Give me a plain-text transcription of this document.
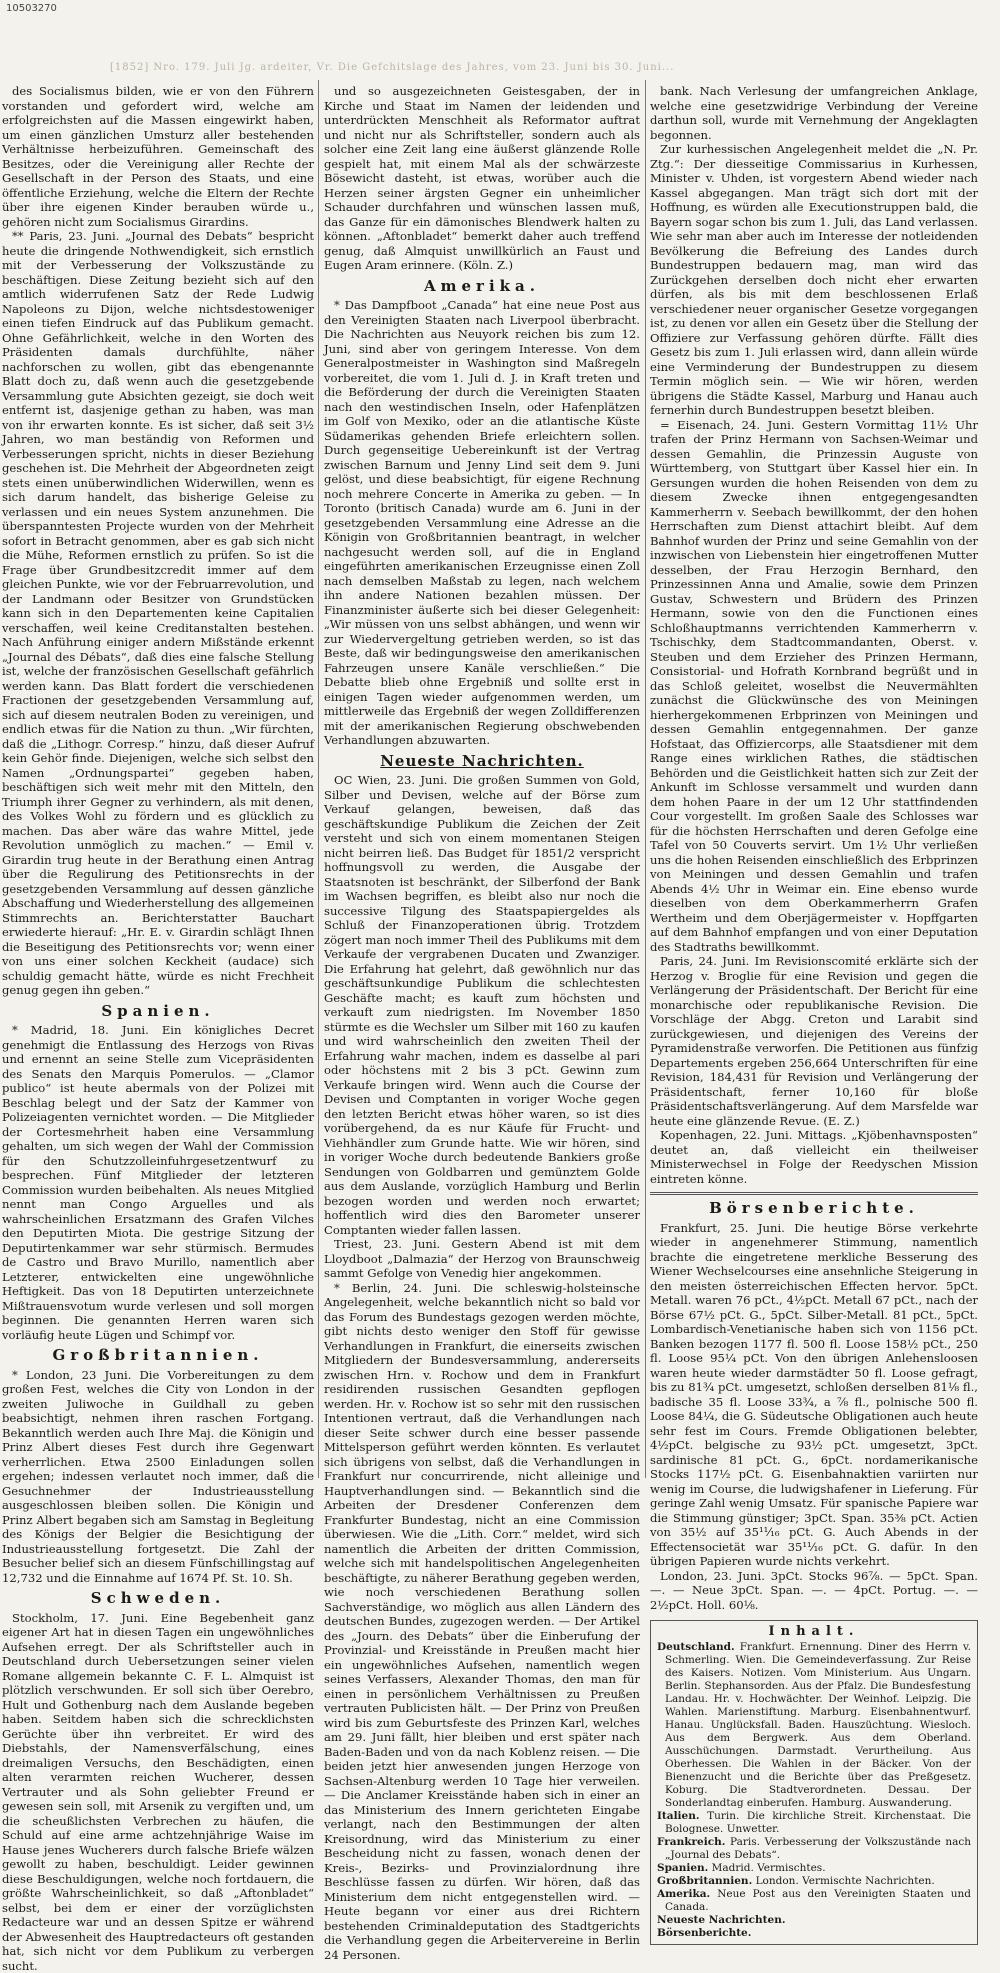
10503270
[1852] Nro. 179. Juli Jg. ardeiter, Vr. Die Gefchitslage des Jahres, vom 23. Juni bis 30. Juni...

des Socialismus bilden, wie er von den Führern vorstanden und gefordert wird, welche am erfolgreichsten auf die Massen eingewirkt haben, um einen gänzlichen Umsturz aller bestehenden Verhältnisse herbeizuführen. Gemeinschaft des Besitzes, oder die Vereinigung aller Rechte der Gesellschaft in der Person des Staats, und eine öffentliche Erziehung, welche die Eltern der Rechte über ihre eigenen Kinder berauben würde u., gehören nicht zum Socialismus Girardins.

** Paris, 23. Juni. „Journal des Debats“ bespricht heute die dringende Nothwendigkeit, sich ernstlich mit der Verbesserung der Volkszustände zu beschäftigen. Diese Zeitung bezieht sich auf den amtlich widerrufenen Satz der Rede Ludwig Napoleons zu Dijon, welche nichtsdestoweniger einen tiefen Eindruck auf das Publikum gemacht. Ohne Gefährlichkeit, welche in den Worten des Präsidenten damals durchfühlte, näher nachforschen zu wollen, gibt das ebengenannte Blatt doch zu, daß wenn auch die gesetzgebende Versammlung gute Absichten gezeigt, sie doch weit entfernt ist, dasjenige gethan zu haben, was man von ihr erwarten konnte. Es ist sicher, daß seit 3½ Jahren, wo man beständig von Reformen und Verbesserungen spricht, nichts in dieser Beziehung geschehen ist. Die Mehrheit der Abgeordneten zeigt stets einen unüberwindlichen Widerwillen, wenn es sich darum handelt, das bisherige Geleise zu verlassen und ein neues System anzunehmen. Die überspanntesten Projecte wurden von der Mehrheit sofort in Betracht genommen, aber es gab sich nicht die Mühe, Reformen ernstlich zu prüfen. So ist die Frage über Grundbesitzcredit immer auf dem gleichen Punkte, wie vor der Februarrevolution, und der Landmann oder Besitzer von Grundstücken kann sich in den Departementen keine Capitalien verschaffen, weil keine Creditanstalten bestehen. Nach Anführung einiger andern Mißstände erkennt „Journal des Débats“, daß dies eine falsche Stellung ist, welche der französischen Gesellschaft gefährlich werden kann. Das Blatt fordert die verschiedenen Fractionen der gesetzgebenden Versammlung auf, sich auf diesem neutralen Boden zu vereinigen, und endlich etwas für die Nation zu thun. „Wir fürchten, daß die „Lithogr. Corresp.“ hinzu, daß dieser Aufruf kein Gehör finde. Diejenigen, welche sich selbst den Namen „Ordnungspartei“ gegeben haben, beschäftigen sich weit mehr mit den Mitteln, den Triumph ihrer Gegner zu verhindern, als mit denen, des Volkes Wohl zu fördern und es glücklich zu machen. Das aber wäre das wahre Mittel, jede Revolution unmöglich zu machen.“ — Emil v. Girardin trug heute in der Berathung einen Antrag über die Regulirung des Petitionsrechts in der gesetzgebenden Versammlung auf dessen gänzliche Abschaffung und Wiederherstellung des allgemeinen Stimmrechts an. Berichterstatter Bauchart erwiederte hierauf: „Hr. E. v. Girardin schlägt Ihnen die Beseitigung des Petitionsrechts vor; wenn einer von uns einer solchen Keckheit (audace) sich schuldig gemacht hätte, würde es nicht Frechheit genug gegen ihn geben.“

Spanien.

* Madrid, 18. Juni. Ein königliches Decret genehmigt die Entlassung des Herzogs von Rivas und ernennt an seine Stelle zum Vicepräsidenten des Senats den Marquis Pomerulos. — „Clamor publico“ ist heute abermals von der Polizei mit Beschlag belegt und der Satz der Kammer von Polizeiagenten vernichtet worden. — Die Mitglieder der Cortesmehrheit haben eine Versammlung gehalten, um sich wegen der Wahl der Commission für den Schutzzolleinfuhrgesetzentwurf zu besprechen. Fünf Mitglieder der letzteren Commission wurden beibehalten. Als neues Mitglied nennt man Congo Arguelles und als wahrscheinlichen Ersatzmann des Grafen Vilches den Deputirten Miota. Die gestrige Sitzung der Deputirtenkammer war sehr stürmisch. Bermudes de Castro und Bravo Murillo, namentlich aber Letzterer, entwickelten eine ungewöhnliche Heftigkeit. Das von 18 Deputirten unterzeichnete Mißtrauensvotum wurde verlesen und soll morgen beginnen. Die genannten Herren waren sich vorläufig heute Lügen und Schimpf vor.

Großbritannien.

* London, 23 Juni. Die Vorbereitungen zu dem großen Fest, welches die City von London in der zweiten Juliwoche in Guildhall zu geben beabsichtigt, nehmen ihren raschen Fortgang. Bekanntlich werden auch Ihre Maj. die Königin und Prinz Albert dieses Fest durch ihre Gegenwart verherrlichen. Etwa 2500 Einladungen sollen ergehen; indessen verlautet noch immer, daß die Gesuchnehmer der Industrieausstellung ausgeschlossen bleiben sollen. Die Königin und Prinz Albert begaben sich am Samstag in Begleitung des Königs der Belgier die Besichtigung der Industrieausstellung fortgesetzt. Die Zahl der Besucher belief sich an diesem Fünfschillingstag auf 12,732 und die Einnahme auf 1674 Pf. St. 10. Sh.

Schweden.

Stockholm, 17. Juni. Eine Begebenheit ganz eigener Art hat in diesen Tagen ein ungewöhnliches Aufsehen erregt. Der als Schriftsteller auch in Deutschland durch Uebersetzungen seiner vielen Romane allgemein bekannte C. F. L. Almquist ist plötzlich verschwunden. Er soll sich über Oerebro, Hult und Gothenburg nach dem Auslande begeben haben. Seitdem haben sich die schrecklichsten Gerüchte über ihn verbreitet. Er wird des Diebstahls, der Namensverfälschung, eines dreimaligen Versuchs, den Beschädigten, einen alten verarmten reichen Wucherer, dessen Vertrauter und als Sohn geliebter Freund er gewesen sein soll, mit Arsenik zu vergiften und, um die scheußlichsten Verbrechen zu häufen, die Schuld auf eine arme achtzehnjährige Waise im Hause jenes Wucherers durch falsche Briefe wälzen gewollt zu haben, beschuldigt. Leider gewinnen diese Beschuldigungen, welche noch fortdauern, die größte Wahrscheinlichkeit, so daß „Aftonbladet“ selbst, bei dem er einer der vorzüglichsten Redacteure war und an dessen Spitze er während der Abwesenheit des Hauptredacteurs oft gestanden hat, sich nicht vor dem Publikum zu verbergen sucht.

und so ausgezeichneten Geistesgaben, der in Kirche und Staat im Namen der leidenden und unterdrückten Menschheit als Reformator auftrat und nicht nur als Schriftsteller, sondern auch als solcher eine Zeit lang eine äußerst glänzende Rolle gespielt hat, mit einem Mal als der schwärzeste Bösewicht dasteht, ist etwas, worüber auch die Herzen seiner ärgsten Gegner ein unheimlicher Schauder durchfahren und wünschen lassen muß, das Ganze für ein dämonisches Blendwerk halten zu können. „Aftonbladet“ bemerkt daher auch treffend genug, daß Almquist unwillkürlich an Faust und Eugen Aram erinnere. (Köln. Z.)

Amerika.

* Das Dampfboot „Canada“ hat eine neue Post aus den Vereinigten Staaten nach Liverpool überbracht. Die Nachrichten aus Neuyork reichen bis zum 12. Juni, sind aber von geringem Interesse. Von dem Generalpostmeister in Washington sind Maßregeln vorbereitet, die vom 1. Juli d. J. in Kraft treten und die Beförderung der durch die Vereinigten Staaten nach den westindischen Inseln, oder Hafenplätzen im Golf von Mexiko, oder an die atlantische Küste Südamerikas gehenden Briefe erleichtern sollen. Durch gegenseitige Uebereinkunft ist der Vertrag zwischen Barnum und Jenny Lind seit dem 9. Juni gelöst, und diese beabsichtigt, für eigene Rechnung noch mehrere Concerte in Amerika zu geben. — In Toronto (britisch Canada) wurde am 6. Juni in der gesetzgebenden Versammlung eine Adresse an die Königin von Großbritannien beantragt, in welcher nachgesucht werden soll, auf die in England eingeführten amerikanischen Erzeugnisse einen Zoll nach demselben Maßstab zu legen, nach welchem ihn andere Nationen bezahlen müssen. Der Finanzminister äußerte sich bei dieser Gelegenheit: „Wir müssen von uns selbst abhängen, und wenn wir zur Wiedervergeltung getrieben werden, so ist das Beste, daß wir bedingungsweise den amerikanischen Fahrzeugen unsere Kanäle verschließen.“ Die Debatte blieb ohne Ergebniß und sollte erst in einigen Tagen wieder aufgenommen werden, um mittlerweile das Ergebniß der wegen Zolldifferenzen mit der amerikanischen Regierung obschwebenden Verhandlungen abzuwarten.

Neueste Nachrichten.

OC Wien, 23. Juni. Die großen Summen von Gold, Silber und Devisen, welche auf der Börse zum Verkauf gelangen, beweisen, daß das geschäftskundige Publikum die Zeichen der Zeit versteht und sich von einem momentanen Steigen nicht beirren ließ. Das Budget für 1851/2 verspricht hoffnungsvoll zu werden, die Ausgabe der Staatsnoten ist beschränkt, der Silberfond der Bank im Wachsen begriffen, es bleibt also nur noch die successive Tilgung des Staatspapiergeldes als Schluß der Finanzoperationen übrig. Trotzdem zögert man noch immer Theil des Publikums mit dem Verkaufe der vergrabenen Ducaten und Zwanziger. Die Erfahrung hat gelehrt, daß gewöhnlich nur das geschäftsunkundige Publikum die schlechtesten Geschäfte macht; es kauft zum höchsten und verkauft zum niedrigsten. Im November 1850 stürmte es die Wechsler um Silber mit 160 zu kaufen und wird wahrscheinlich den zweiten Theil der Erfahrung wahr machen, indem es dasselbe al pari oder höchstens mit 2 bis 3 pCt. Gewinn zum Verkaufe bringen wird. Wenn auch die Course der Devisen und Comptanten in voriger Woche gegen den letzten Bericht etwas höher waren, so ist dies vorübergehend, da es nur Käufe für Frucht- und Viehhändler zum Grunde hatte. Wie wir hören, sind in voriger Woche durch bedeutende Bankiers große Sendungen von Goldbarren und gemünztem Golde aus dem Auslande, vorzüglich Hamburg und Berlin bezogen worden und werden noch erwartet; hoffentlich wird dies den Barometer unserer Comptanten wieder fallen lassen.

Triest, 23. Juni. Gestern Abend ist mit dem Lloydboot „Dalmazia“ der Herzog von Braunschweig sammt Gefolge von Venedig hier angekommen.

* Berlin, 24. Juni. Die schleswig-holsteinsche Angelegenheit, welche bekanntlich nicht so bald vor das Forum des Bundestags gezogen werden möchte, gibt nichts desto weniger den Stoff für gewisse Verhandlungen in Frankfurt, die einerseits zwischen Mitgliedern der Bundesversammlung, andererseits zwischen Hrn. v. Rochow und dem in Frankfurt residirenden russischen Gesandten gepflogen werden. Hr. v. Rochow ist so sehr mit den russischen Intentionen vertraut, daß die Verhandlungen nach dieser Seite schwer durch eine besser passende Mittelsperson geführt werden könnten. Es verlautet sich übrigens von selbst, daß die Verhandlungen in Frankfurt nur concurrirende, nicht alleinige und Hauptverhandlungen sind. — Bekanntlich sind die Arbeiten der Dresdener Conferenzen dem Frankfurter Bundestag, nicht an eine Commission überwiesen. Wie die „Lith. Corr.“ meldet, wird sich namentlich die Arbeiten der dritten Commission, welche sich mit handelspolitischen Angelegenheiten beschäftigte, zu näherer Berathung gegeben werden, wie noch verschiedenen Berathung sollen Sachverständige, wo möglich aus allen Ländern des deutschen Bundes, zugezogen werden. — Der Artikel des „Journ. des Debats“ über die Einberufung der Provinzial- und Kreisstände in Preußen macht hier ein ungewöhnliches Aufsehen, namentlich wegen seines Verfassers, Alexander Thomas, den man für einen in persönlichem Verhältnissen zu Preußen vertrauten Publicisten hält. — Der Prinz von Preußen wird bis zum Geburtsfeste des Prinzen Karl, welches am 29. Juni fällt, hier bleiben und erst später nach Baden-Baden und von da nach Koblenz reisen. — Die beiden jetzt hier anwesenden jungen Herzoge von Sachsen-Altenburg werden 10 Tage hier verweilen. — Die Anclamer Kreisstände haben sich in einer an das Ministerium des Innern gerichteten Eingabe verlangt, nach den Bestimmungen der alten Kreisordnung, wird das Ministerium zu einer Bescheidung nicht zu fassen, wonach denen der Kreis-, Bezirks- und Provinzialordnung ihre Beschlüsse fassen zu dürfen. Wir hören, daß das Ministerium dem nicht entgegenstellen wird. — Heute begann vor einer aus drei Richtern bestehenden Criminaldeputation des Stadtgerichts die Verhandlung gegen die Arbeitervereine in Berlin 24 Personen.

bank. Nach Verlesung der umfangreichen Anklage, welche eine gesetzwidrige Verbindung der Vereine darthun soll, wurde mit Vernehmung der Angeklagten begonnen.

Zur kurhessischen Angelegenheit meldet die „N. Pr. Ztg.“: Der diesseitige Commissarius in Kurhessen, Minister v. Uhden, ist vorgestern Abend wieder nach Kassel abgegangen. Man trägt sich dort mit der Hoffnung, es würden alle Executionstruppen bald, die Bayern sogar schon bis zum 1. Juli, das Land verlassen. Wie sehr man aber auch im Interesse der notleidenden Bevölkerung die Befreiung des Landes durch Bundestruppen bedauern mag, man wird das Zurückgehen derselben doch nicht eher erwarten dürfen, als bis mit dem beschlossenen Erlaß verschiedener neuer organischer Gesetze vorgegangen ist, zu denen vor allen ein Gesetz über die Stellung der Offiziere zur Verfassung gehören dürfte. Fällt dies Gesetz bis zum 1. Juli erlassen wird, dann allein würde eine Verminderung der Bundestruppen zu diesem Termin möglich sein. — Wie wir hören, werden übrigens die Städte Kassel, Marburg und Hanau auch fernerhin durch Bundestruppen besetzt bleiben.

= Eisenach, 24. Juni. Gestern Vormittag 11½ Uhr trafen der Prinz Hermann von Sachsen-Weimar und dessen Gemahlin, die Prinzessin Auguste von Württemberg, von Stuttgart über Kassel hier ein. In Gersungen wurden die hohen Reisenden von dem zu diesem Zwecke ihnen entgegengesandten Kammerherrn v. Seebach bewillkommt, der den hohen Herrschaften zum Dienst attachirt bleibt. Auf dem Bahnhof wurden der Prinz und seine Gemahlin von der inzwischen von Liebenstein hier eingetroffenen Mutter desselben, der Frau Herzogin Bernhard, den Prinzessinnen Anna und Amalie, sowie dem Prinzen Gustav, Schwestern und Brüdern des Prinzen Hermann, sowie von den die Functionen eines Schloßhauptmanns verrichtenden Kammerherrn v. Tschischky, dem Stadtcommandanten, Oberst. v. Steuben und dem Erzieher des Prinzen Hermann, Consistorial- und Hofrath Kornbrand begrüßt und in das Schloß geleitet, woselbst die Neuvermählten zunächst die Glückwünsche des von Meiningen hierhergekommenen Erbprinzen von Meiningen und dessen Gemahlin entgegennahmen. Der ganze Hofstaat, das Offiziercorps, alle Staatsdiener mit dem Range eines wirklichen Rathes, die städtischen Behörden und die Geistlichkeit hatten sich zur Zeit der Ankunft im Schlosse versammelt und wurden dann dem hohen Paare in der um 12 Uhr stattfindenden Cour vorgestellt. Im großen Saale des Schlosses war für die höchsten Herrschaften und deren Gefolge eine Tafel von 50 Couverts servirt. Um 1½ Uhr verließen uns die hohen Reisenden einschließlich des Erbprinzen von Meiningen und dessen Gemahlin und trafen Abends 4½ Uhr in Weimar ein. Eine ebenso wurde dieselben von dem Oberkammerherrn Grafen Wertheim und dem Oberjägermeister v. Hopffgarten auf dem Bahnhof empfangen und von einer Deputation des Stadtraths bewillkommt.

Paris, 24. Juni. Im Revisionscomité erklärte sich der Herzog v. Broglie für eine Revision und gegen die Verlängerung der Präsidentschaft. Der Bericht für eine monarchische oder republikanische Revision. Die Vorschläge der Abgg. Creton und Larabit sind zurückgewiesen, und diejenigen des Vereins der Pyramidenstraße verworfen. Die Petitionen aus fünfzig Departements ergeben 256,664 Unterschriften für eine Revision, 184,431 für Revision und Verlängerung der Präsidentschaft, ferner 10,160 für bloße Präsidentschaftsverlängerung. Auf dem Marsfelde war heute eine glänzende Revue. (E. Z.)

Kopenhagen, 22. Juni. Mittags. „Kjöbenhavnsposten“ deutet an, daß vielleicht ein theilweiser Ministerwechsel in Folge der Reedyschen Mission eintreten könne.

Börsenberichte.

Frankfurt, 25. Juni. Die heutige Börse verkehrte wieder in angenehmerer Stimmung, namentlich brachte die eingetretene merkliche Besserung des Wiener Wechselcourses eine ansehnliche Steigerung in den meisten österreichischen Effecten hervor. 5pCt. Metall. waren 76 pCt., 4½pCt. Metall 67 pCt., nach der Börse 67½ pCt. G., 5pCt. Silber-Metall. 81 pCt., 5pCt. Lombardisch-Venetianische haben sich von 1156 pCt. Banken bezogen 1177 fl. 500 fl. Loose 158½ pCt., 250 fl. Loose 95¼ pCt. Von den übrigen Anlehensloosen waren heute wieder darmstädter 50 fl. Loose gefragt, bis zu 81¾ pCt. umgesetzt, schloßen derselben 81⅛ fl., badische 35 fl. Loose 33¾, a ⅞ fl., polnische 500 fl. Loose 84¼, die G. Südeutsche Obligationen auch heute sehr fest im Cours. Fremde Obligationen belebter, 4½pCt. belgische zu 93½ pCt. umgesetzt, 3pCt. sardinische 81 pCt. G., 6pCt. nordamerikanische Stocks 117½ pCt. G. Eisenbahnaktien variirten nur wenig im Course, die ludwigshafener in Lieferung. Für geringe Zahl wenig Umsatz. Für spanische Papiere war die Stimmung günstiger; 3pCt. Span. 35⅜ pCt. Actien von 35½ auf 35¹¹⁄₁₆ pCt. G. Auch Abends in der Effectensocietät war 35¹¹⁄₁₆ pCt. G. dafür. In den übrigen Papieren wurde nichts verkehrt.

London, 23. Juni. 3pCt. Stocks 96⅞. — 5pCt. Span. —. — Neue 3pCt. Span. —. — 4pCt. Portug. —. — 2½pCt. Holl. 60⅛.

Inhalt.

Deutschland. Frankfurt. Ernennung. Diner des Herrn v. Schmerling. Wien. Die Gemeindeverfassung. Zur Reise des Kaisers. Notizen. Vom Ministerium. Aus Ungarn. Berlin. Stephansorden. Aus der Pfalz. Die Bundesfestung Landau. Hr. v. Hochwächter. Der Weinhof. Leipzig. Die Wahlen. Marienstiftung. Marburg. Eisenbahnentwurf. Hanau. Unglücksfall. Baden. Hauszüchtung. Wiesloch. Aus dem Bergwerk. Aus dem Oberland. Ausschüchungen. Darmstadt. Verurtheilung. Aus Oberhessen. Die Wahlen in der Bäcker. Von der Bienenzucht und die Berichte über das Preßgesetz. Koburg. Die Stadtverordneten. Dessau. Der Sonderlandtag einberufen. Hamburg. Auswanderung.

Italien. Turin. Die kirchliche Streit. Kirchenstaat. Die Bolognese. Unwetter.

Frankreich. Paris. Verbesserung der Volkszustände nach „Journal des Debats“.

Spanien. Madrid. Vermischtes.

Großbritannien. London. Vermischte Nachrichten.

Amerika. Neue Post aus den Vereinigten Staaten und Canada.

Neueste Nachrichten.

Börsenberichte.
